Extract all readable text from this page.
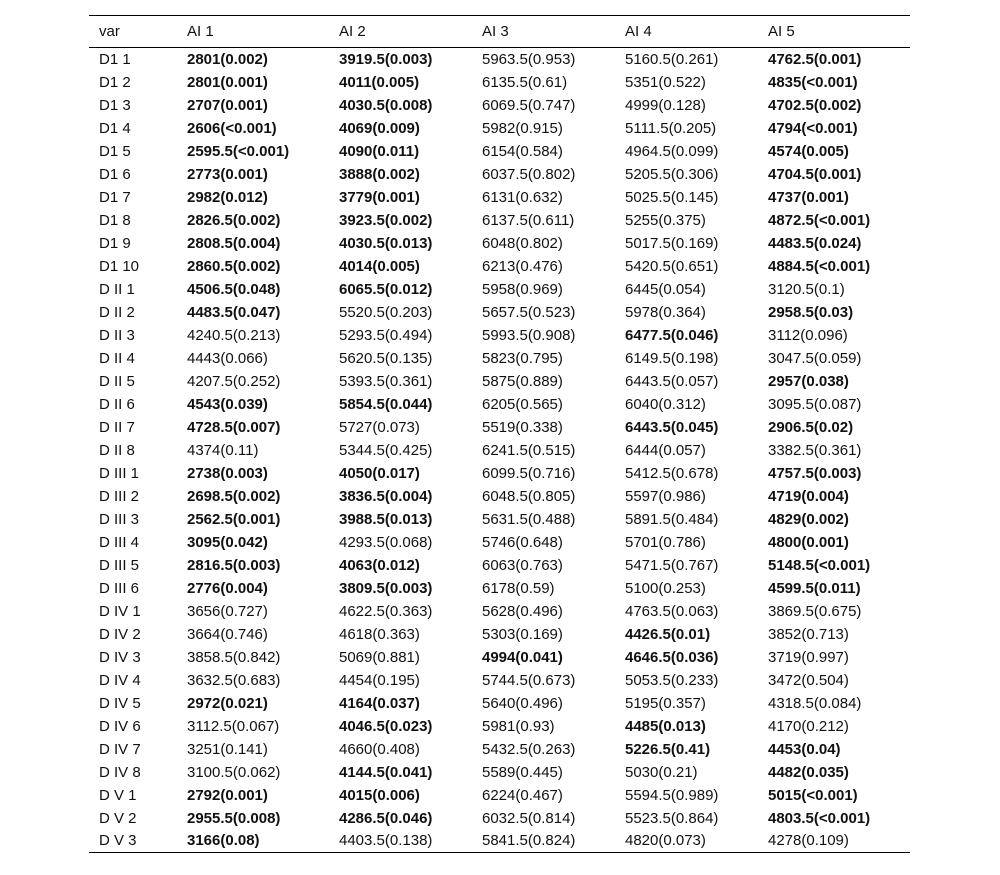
var	AI 1	AI 2	AI 3	AI 4	AI 5
D1 1	2801(0.002)	3919.5(0.003)	5963.5(0.953)	5160.5(0.261)	4762.5(0.001)
D1 2	2801(0.001)	4011(0.005)	6135.5(0.61)	5351(0.522)	4835(<0.001)
D1 3	2707(0.001)	4030.5(0.008)	6069.5(0.747)	4999(0.128)	4702.5(0.002)
D1 4	2606(<0.001)	4069(0.009)	5982(0.915)	5111.5(0.205)	4794(<0.001)
D1 5	2595.5(<0.001)	4090(0.011)	6154(0.584)	4964.5(0.099)	4574(0.005)
D1 6	2773(0.001)	3888(0.002)	6037.5(0.802)	5205.5(0.306)	4704.5(0.001)
D1 7	2982(0.012)	3779(0.001)	6131(0.632)	5025.5(0.145)	4737(0.001)
D1 8	2826.5(0.002)	3923.5(0.002)	6137.5(0.611)	5255(0.375)	4872.5(<0.001)
D1 9	2808.5(0.004)	4030.5(0.013)	6048(0.802)	5017.5(0.169)	4483.5(0.024)
D1 10	2860.5(0.002)	4014(0.005)	6213(0.476)	5420.5(0.651)	4884.5(<0.001)
D II 1	4506.5(0.048)	6065.5(0.012)	5958(0.969)	6445(0.054)	3120.5(0.1)
D II 2	4483.5(0.047)	5520.5(0.203)	5657.5(0.523)	5978(0.364)	2958.5(0.03)
D II 3	4240.5(0.213)	5293.5(0.494)	5993.5(0.908)	6477.5(0.046)	3112(0.096)
D II 4	4443(0.066)	5620.5(0.135)	5823(0.795)	6149.5(0.198)	3047.5(0.059)
D II 5	4207.5(0.252)	5393.5(0.361)	5875(0.889)	6443.5(0.057)	2957(0.038)
D II 6	4543(0.039)	5854.5(0.044)	6205(0.565)	6040(0.312)	3095.5(0.087)
D II 7	4728.5(0.007)	5727(0.073)	5519(0.338)	6443.5(0.045)	2906.5(0.02)
D II 8	4374(0.11)	5344.5(0.425)	6241.5(0.515)	6444(0.057)	3382.5(0.361)
D III 1	2738(0.003)	4050(0.017)	6099.5(0.716)	5412.5(0.678)	4757.5(0.003)
D III 2	2698.5(0.002)	3836.5(0.004)	6048.5(0.805)	5597(0.986)	4719(0.004)
D III 3	2562.5(0.001)	3988.5(0.013)	5631.5(0.488)	5891.5(0.484)	4829(0.002)
D III 4	3095(0.042)	4293.5(0.068)	5746(0.648)	5701(0.786)	4800(0.001)
D III 5	2816.5(0.003)	4063(0.012)	6063(0.763)	5471.5(0.767)	5148.5(<0.001)
D III 6	2776(0.004)	3809.5(0.003)	6178(0.59)	5100(0.253)	4599.5(0.011)
D IV 1	3656(0.727)	4622.5(0.363)	5628(0.496)	4763.5(0.063)	3869.5(0.675)
D IV 2	3664(0.746)	4618(0.363)	5303(0.169)	4426.5(0.01)	3852(0.713)
D IV 3	3858.5(0.842)	5069(0.881)	4994(0.041)	4646.5(0.036)	3719(0.997)
D IV 4	3632.5(0.683)	4454(0.195)	5744.5(0.673)	5053.5(0.233)	3472(0.504)
D IV 5	2972(0.021)	4164(0.037)	5640(0.496)	5195(0.357)	4318.5(0.084)
D IV 6	3112.5(0.067)	4046.5(0.023)	5981(0.93)	4485(0.013)	4170(0.212)
D IV 7	3251(0.141)	4660(0.408)	5432.5(0.263)	5226.5(0.41)	4453(0.04)
D IV 8	3100.5(0.062)	4144.5(0.041)	5589(0.445)	5030(0.21)	4482(0.035)
D V 1	2792(0.001)	4015(0.006)	6224(0.467)	5594.5(0.989)	5015(<0.001)
D V 2	2955.5(0.008)	4286.5(0.046)	6032.5(0.814)	5523.5(0.864)	4803.5(<0.001)
D V 3	3166(0.08)	4403.5(0.138)	5841.5(0.824)	4820(0.073)	4278(0.109)
